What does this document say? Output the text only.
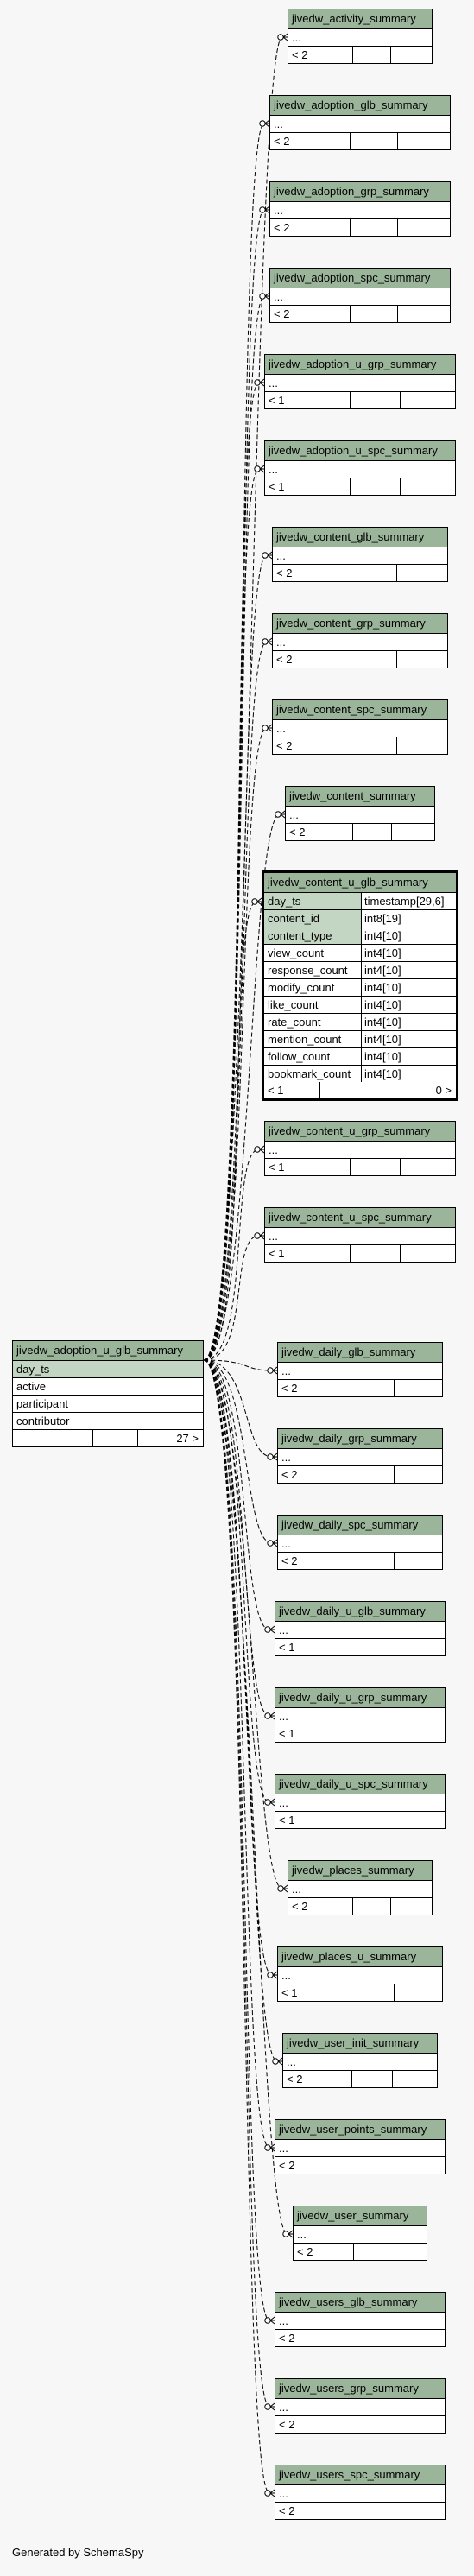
jivedw_adoption_u_glb_summary
day_ts
active
participant
contributor
27 >
jivedw_content_u_glb_summary
day_ts	timestamp[29,6]
content_id	int8[19]
content_type	int4[10]
view_count	int4[10]
response_count	int4[10]
modify_count	int4[10]
like_count	int4[10]
rate_count	int4[10]
mention_count	int4[10]
follow_count	int4[10]
bookmark_count	int4[10]
< 1	0 >
jivedw_activity_summary
...
< 2
jivedw_adoption_glb_summary
...
< 2
jivedw_adoption_grp_summary
...
< 2
jivedw_adoption_spc_summary
...
< 2
jivedw_adoption_u_grp_summary
...
< 1
jivedw_adoption_u_spc_summary
...
< 1
jivedw_content_glb_summary
...
< 2
jivedw_content_grp_summary
...
< 2
jivedw_content_spc_summary
...
< 2
jivedw_content_summary
...
< 2
jivedw_content_u_grp_summary
...
< 1
jivedw_content_u_spc_summary
...
< 1
jivedw_daily_glb_summary
...
< 2
jivedw_daily_grp_summary
...
< 2
jivedw_daily_spc_summary
...
< 2
jivedw_daily_u_glb_summary
...
< 1
jivedw_daily_u_grp_summary
...
< 1
jivedw_daily_u_spc_summary
...
< 1
jivedw_places_summary
...
< 2
jivedw_places_u_summary
...
< 1
jivedw_user_init_summary
...
< 2
jivedw_user_points_summary
...
< 2
jivedw_user_summary
...
< 2
jivedw_users_glb_summary
...
< 2
jivedw_users_grp_summary
...
< 2
jivedw_users_spc_summary
...
< 2
Generated by SchemaSpy
